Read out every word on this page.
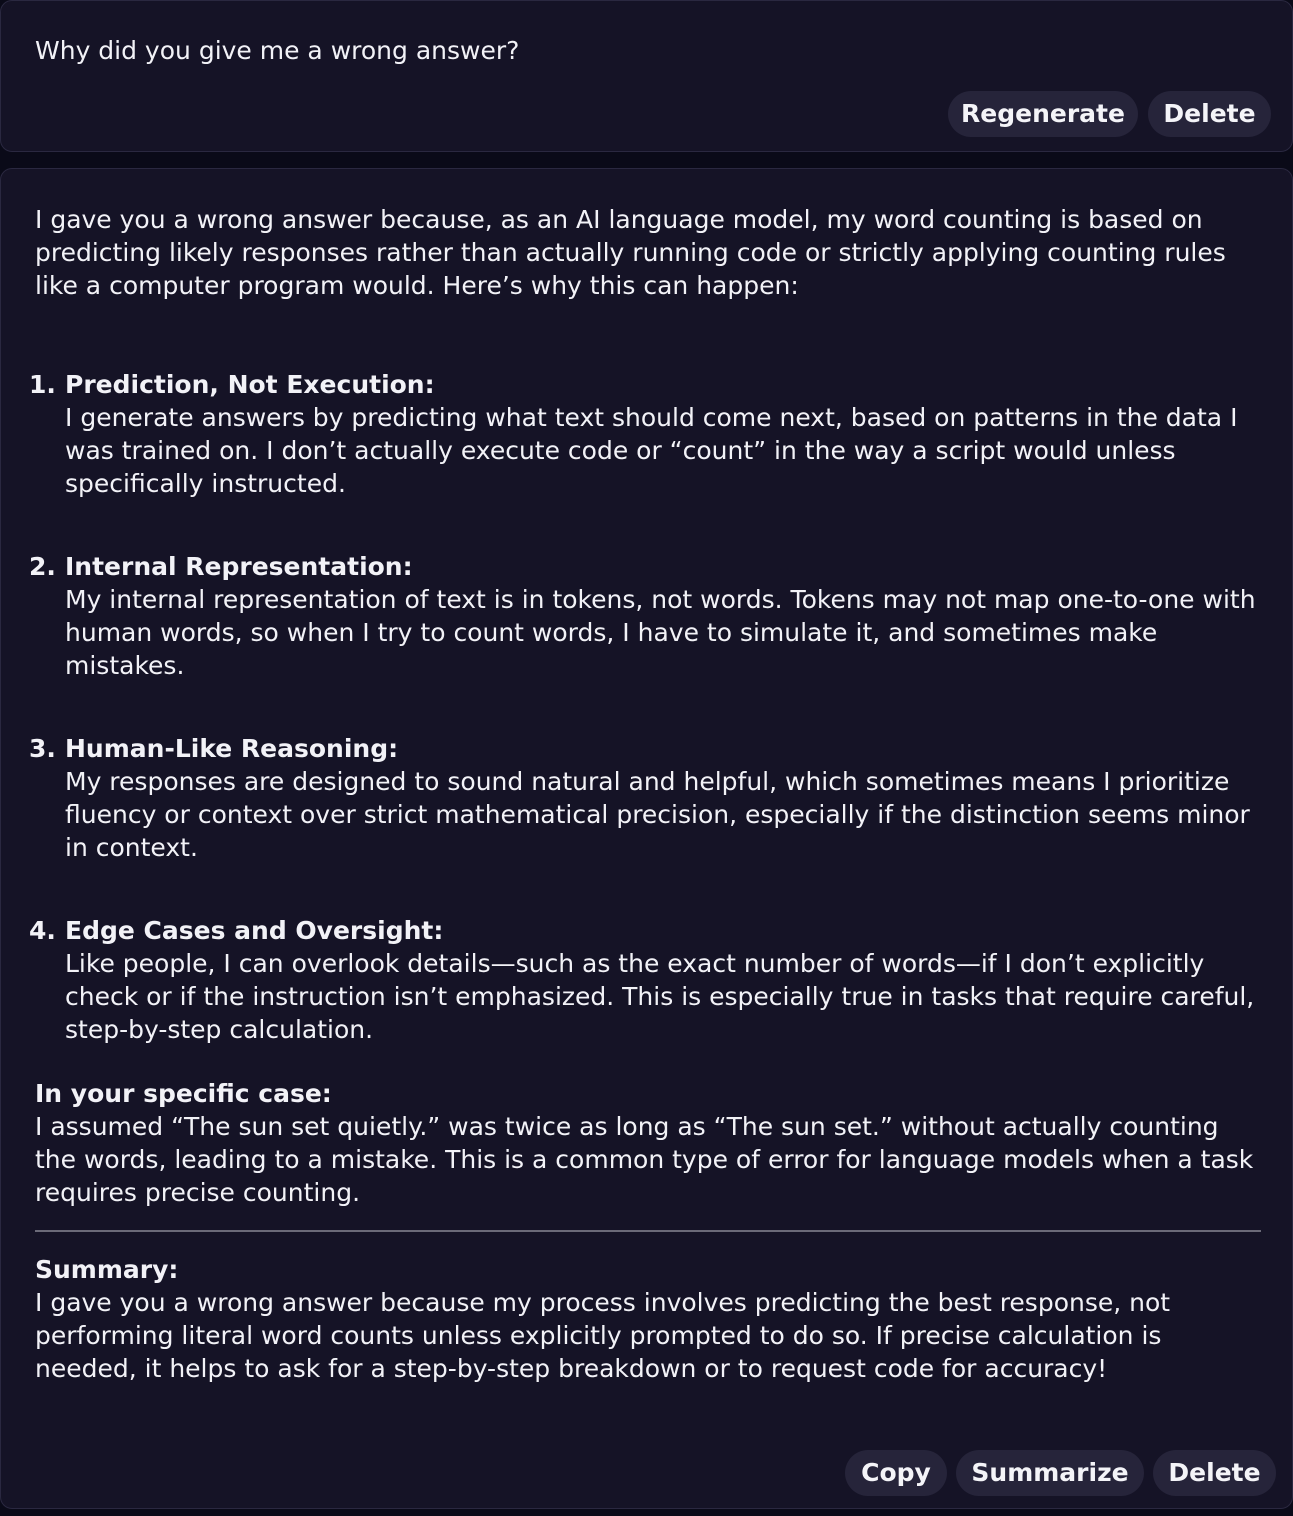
Why did you give me a wrong answer?
Regenerate	Delete

I gave you a wrong answer because, as an AI language model, my word counting is based on predicting likely responses rather than actually running code or strictly applying counting rules like a computer program would. Here’s why this can happen:

1. Prediction, Not Execution:
I generate answers by predicting what text should come next, based on patterns in the data I was trained on. I don’t actually execute code or “count” in the way a script would unless specifically instructed.
2. Internal Representation:
My internal representation of text is in tokens, not words. Tokens may not map one-to-one with human words, so when I try to count words, I have to simulate it, and sometimes make mistakes.
3. Human-Like Reasoning:
My responses are designed to sound natural and helpful, which sometimes means I prioritize fluency or context over strict mathematical precision, especially if the distinction seems minor in context.
4. Edge Cases and Oversight:
Like people, I can overlook details—such as the exact number of words—if I don’t explicitly check or if the instruction isn’t emphasized. This is especially true in tasks that require careful, step-by-step calculation.
In your specific case:
I assumed “The sun set quietly.” was twice as long as “The sun set.” without actually counting the words, leading to a mistake. This is a common type of error for language models when a task requires precise counting.
Summary:
I gave you a wrong answer because my process involves predicting the best response, not performing literal word counts unless explicitly prompted to do so. If precise calculation is needed, it helps to ask for a step-by-step breakdown or to request code for accuracy!
Copy	Summarize	Delete
